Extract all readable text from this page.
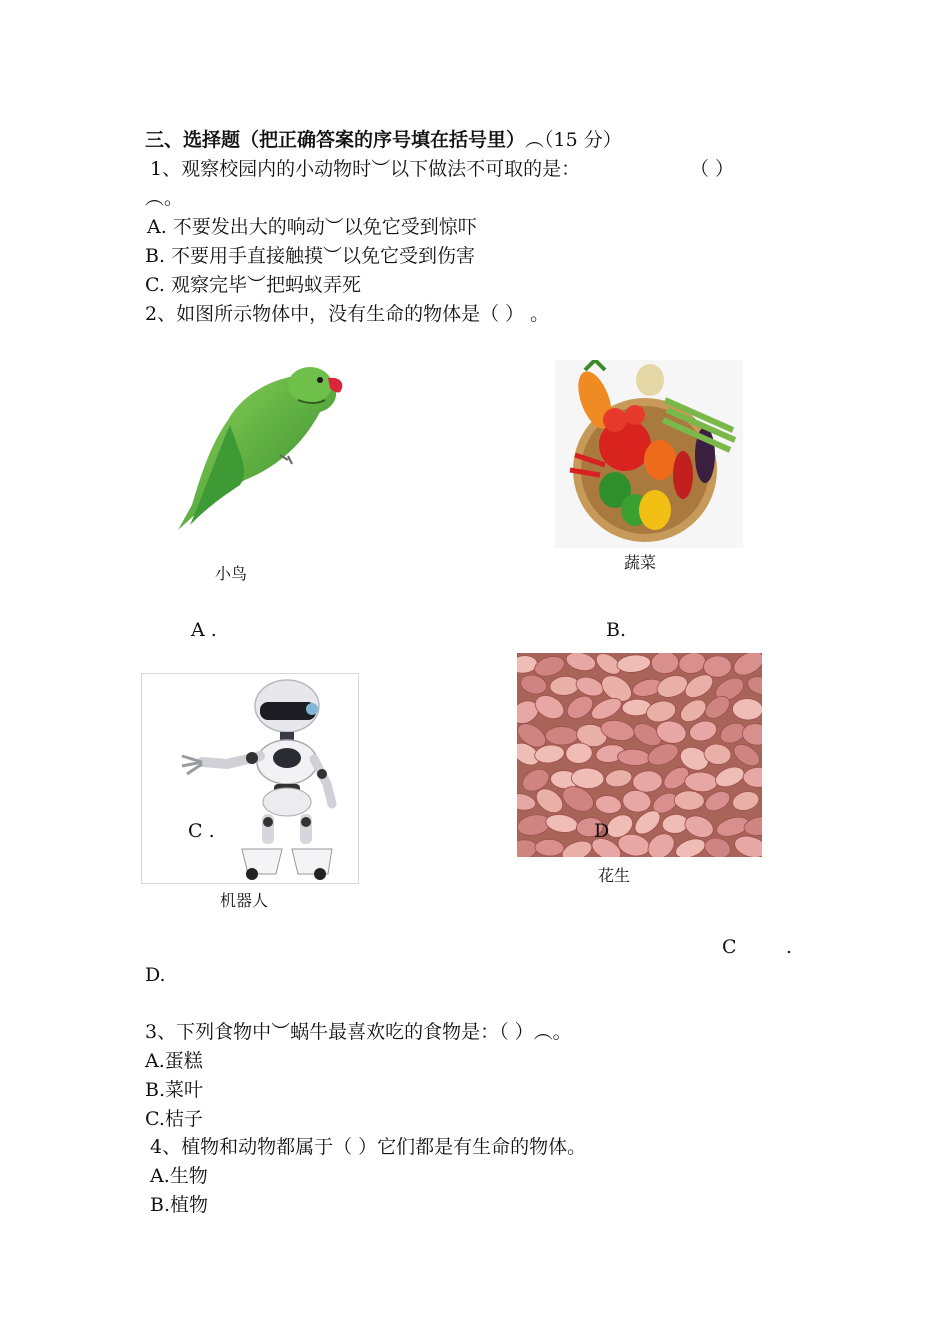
三、选择题（把正确答案的序号填在括号里）︵（15 分）
1、观察校园内的小动物时︶以下做法不可取的是：	（ ）
︵。
A. 不要发出大的响动︶以免它受到惊吓
B. 不要用手直接触摸︶以免它受到伤害
C. 观察完毕︶把蚂蚁弄死
2、如图所示物体中，没有生命的物体是（ ） 。
蔬菜
小鸟
A .	B.
C .	D
机器人
花生
C	.
D.
3、下列食物中︶蜗牛最喜欢吃的食物是：（ ）︵。
A.蛋糕
B.菜叶
C.桔子
4、植物和动物都属于（ ）它们都是有生命的物体。
A.生物
B.植物
